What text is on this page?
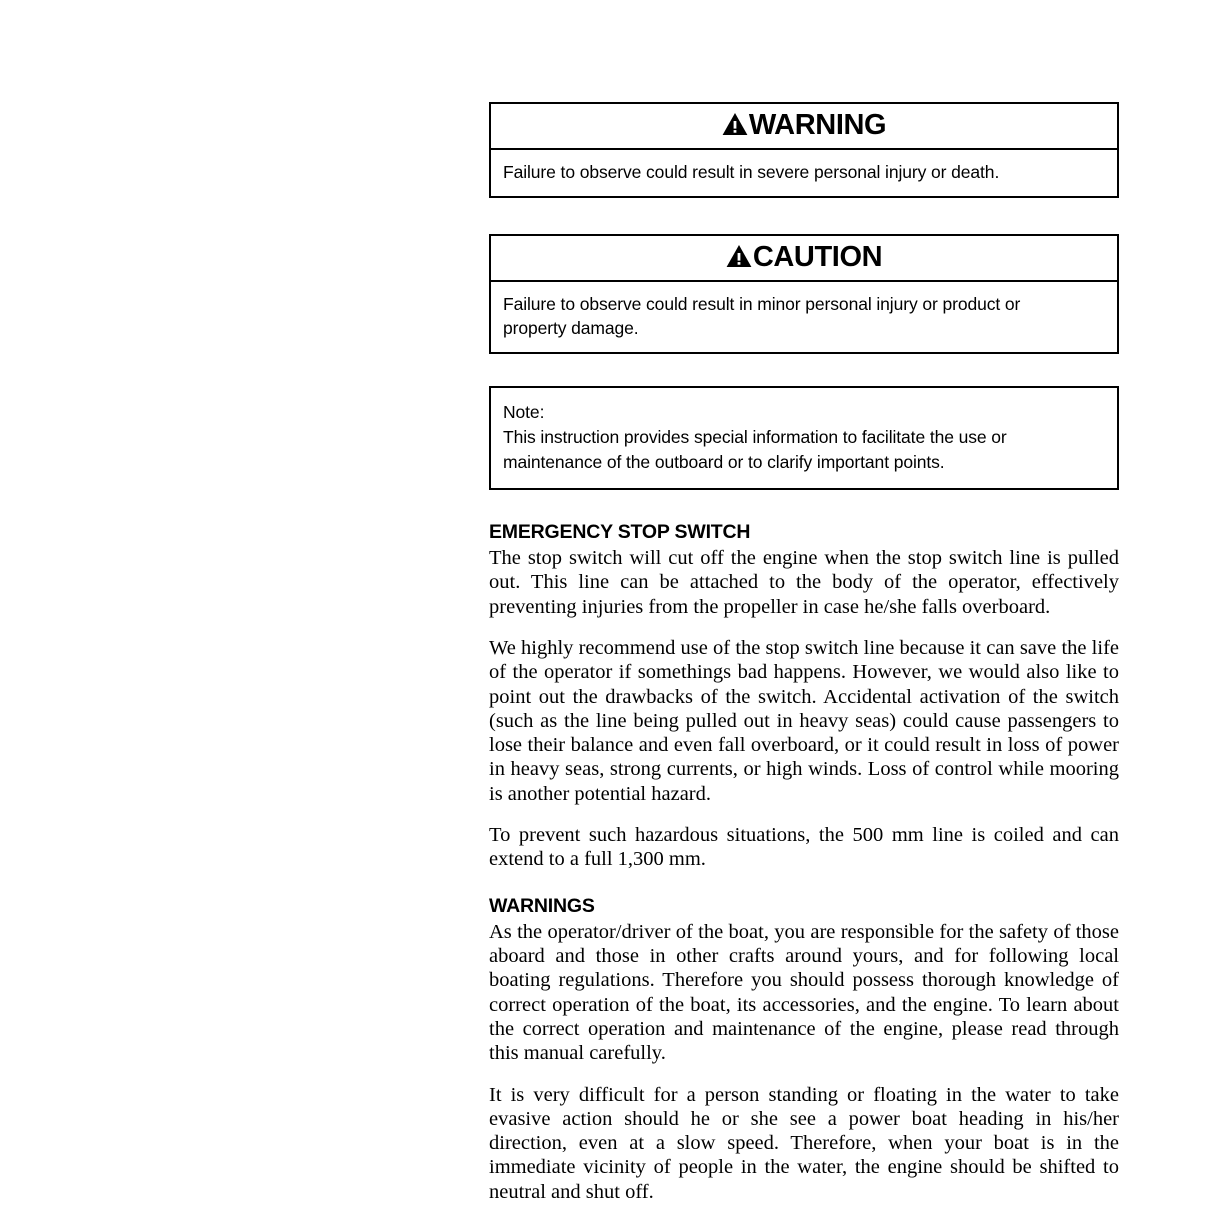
WARNING
Failure to observe could result in severe personal injury or death.
CAUTION
Failure to observe could result in minor personal injury or product or
property damage.
Note:
This instruction provides special information to facilitate the use or
maintenance of the outboard or to clarify important points.
EMERGENCY STOP SWITCH

The stop switch will cut off the engine when the stop switch line is pulled out. This line can be attached to the body of the operator, effectively preventing injuries from the propeller in case he/she falls overboard.

We highly recommend use of the stop switch line because it can save the life of the operator if somethings bad happens. However, we would also like to point out the drawbacks of the switch. Accidental activation of the switch (such as the line being pulled out in heavy seas) could cause passengers to lose their balance and even fall overboard, or it could result in loss of power in heavy seas, strong currents, or high winds. Loss of control while mooring is another potential hazard.

To prevent such hazardous situations, the 500 mm line is coiled and can extend to a full 1,300 mm.

WARNINGS

As the operator/driver of the boat, you are responsible for the safety of those aboard and those in other crafts around yours, and for following local boating regulations. Therefore you should possess thorough knowledge of correct operation of the boat, its accessories, and the engine. To learn about the correct operation and maintenance of the engine, please read through this manual carefully.

It is very difficult for a person standing or floating in the water to take evasive action should he or she see a power boat heading in his/her direction, even at a slow speed. Therefore, when your boat is in the immediate vicinity of people in the water, the engine should be shifted to neutral and shut off.
